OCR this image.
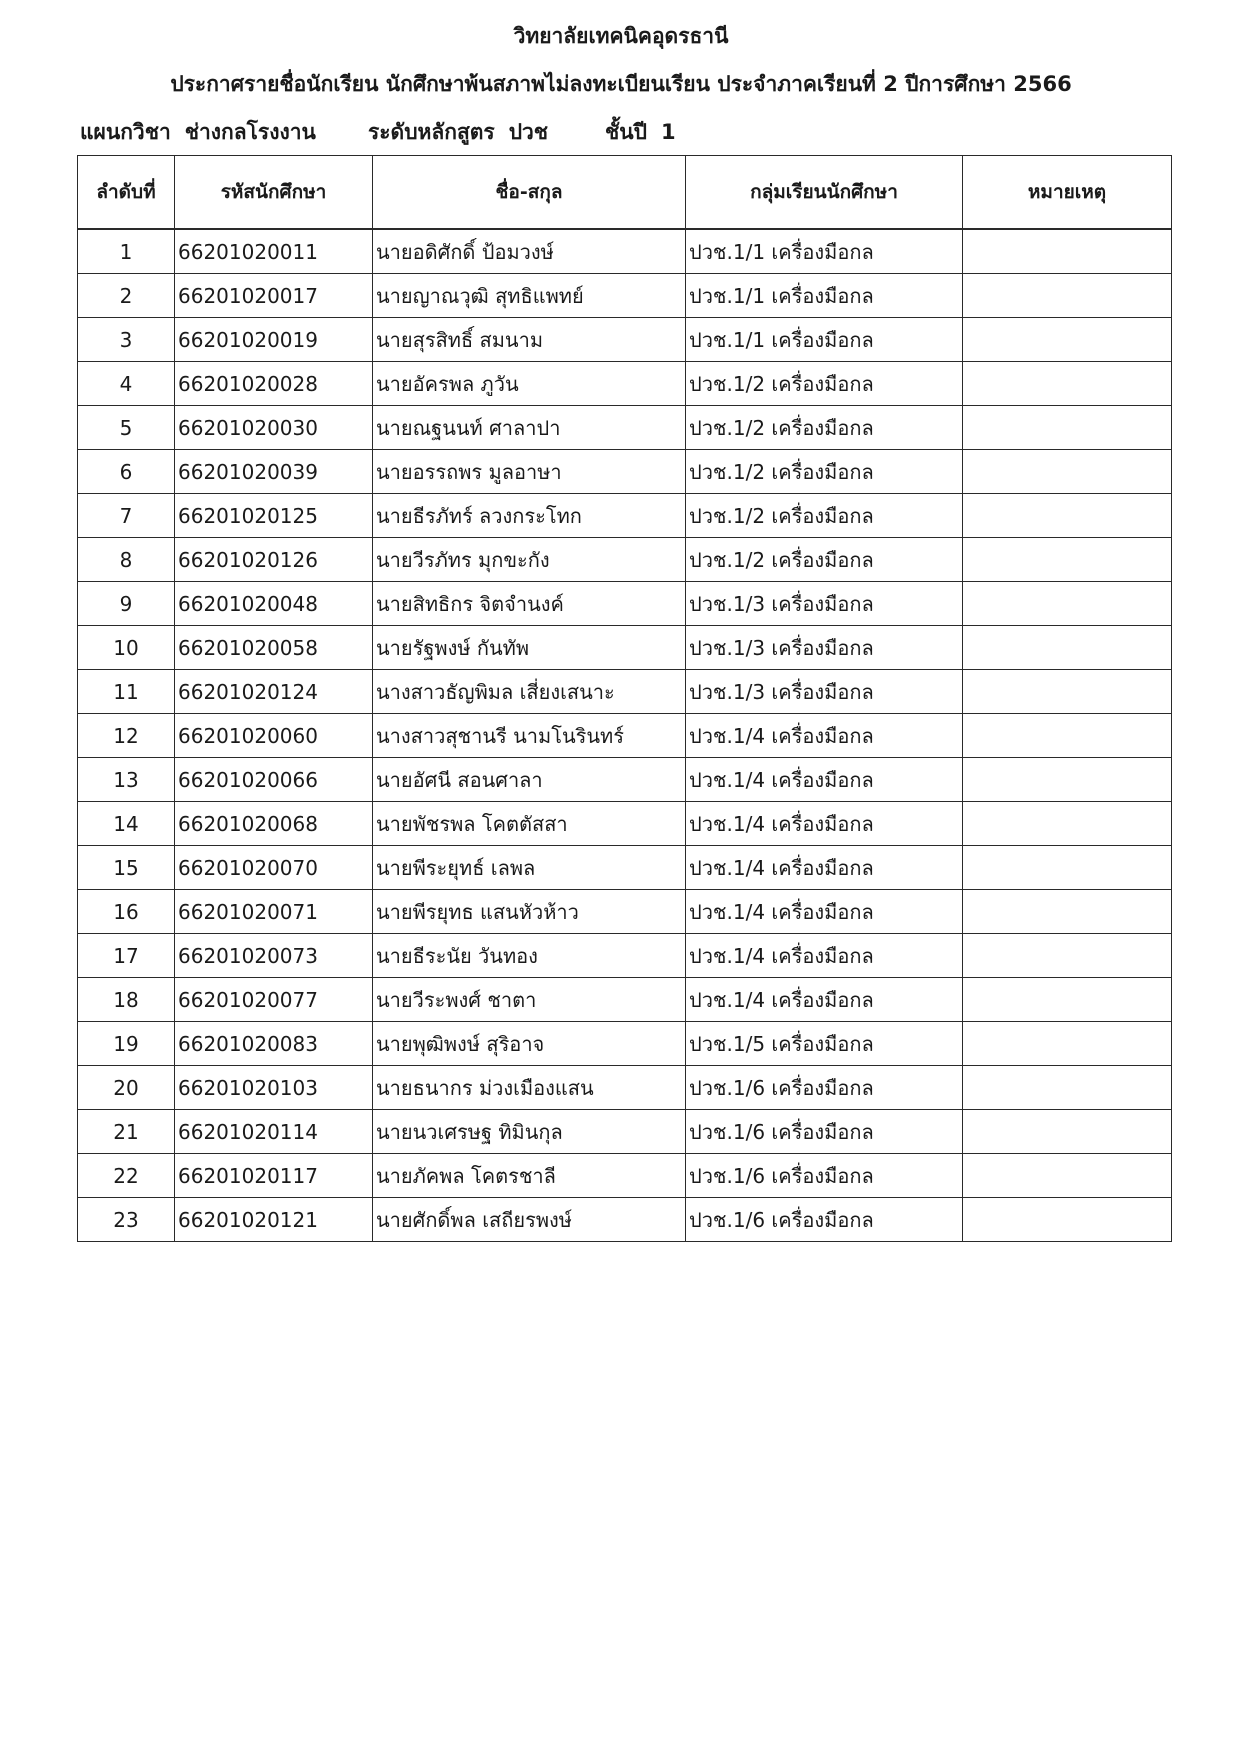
วิทยาลัยเทคนิคอุดรธานี
ประกาศรายชื่อนักเรียน นักศึกษาพ้นสภาพไม่ลงทะเบียนเรียน ประจำภาคเรียนที่ 2 ปีการศึกษา 2566
แผนกวิชา ช่างกลโรงงาน ระดับหลักสูตร ปวช	ชั้นปี 1
ลำดับที่	รหัสนักศึกษา	ชื่อ-สกุล	กลุ่มเรียนนักศึกษา	หมายเหตุ
1	66201020011	นายอดิศักดิ์ ป้อมวงษ์	ปวช.1/1 เครื่องมือกล	
2	66201020017	นายญาณวุฒิ สุทธิแพทย์	ปวช.1/1 เครื่องมือกล	
3	66201020019	นายสุรสิทธิ์ สมนาม	ปวช.1/1 เครื่องมือกล	
4	66201020028	นายอัครพล ภูวัน	ปวช.1/2 เครื่องมือกล	
5	66201020030	นายณฐนนท์ ศาลาปา	ปวช.1/2 เครื่องมือกล	
6	66201020039	นายอรรถพร มูลอาษา	ปวช.1/2 เครื่องมือกล	
7	66201020125	นายธีรภัทร์ ลวงกระโทก	ปวช.1/2 เครื่องมือกล	
8	66201020126	นายวีรภัทร มุกขะกัง	ปวช.1/2 เครื่องมือกล	
9	66201020048	นายสิทธิกร จิตจำนงค์	ปวช.1/3 เครื่องมือกล	
10	66201020058	นายรัฐพงษ์ กันทัพ	ปวช.1/3 เครื่องมือกล	
11	66201020124	นางสาวธัญพิมล เสี่ยงเสนาะ	ปวช.1/3 เครื่องมือกล	
12	66201020060	นางสาวสุชานรี นามโนรินทร์	ปวช.1/4 เครื่องมือกล	
13	66201020066	นายอัศนี สอนศาลา	ปวช.1/4 เครื่องมือกล	
14	66201020068	นายพัชรพล โคตตัสสา	ปวช.1/4 เครื่องมือกล	
15	66201020070	นายพีระยุทธ์ เลพล	ปวช.1/4 เครื่องมือกล	
16	66201020071	นายพีรยุทธ แสนหัวห้าว	ปวช.1/4 เครื่องมือกล	
17	66201020073	นายธีระนัย วันทอง	ปวช.1/4 เครื่องมือกล	
18	66201020077	นายวีระพงศ์ ชาตา	ปวช.1/4 เครื่องมือกล	
19	66201020083	นายพุฒิพงษ์ สุริอาจ	ปวช.1/5 เครื่องมือกล	
20	66201020103	นายธนากร ม่วงเมืองแสน	ปวช.1/6 เครื่องมือกล	
21	66201020114	นายนวเศรษฐ ทิมินกุล	ปวช.1/6 เครื่องมือกล	
22	66201020117	นายภัคพล โคตรชาลี	ปวช.1/6 เครื่องมือกล	
23	66201020121	นายศักดิ์พล เสถียรพงษ์	ปวช.1/6 เครื่องมือกล	
